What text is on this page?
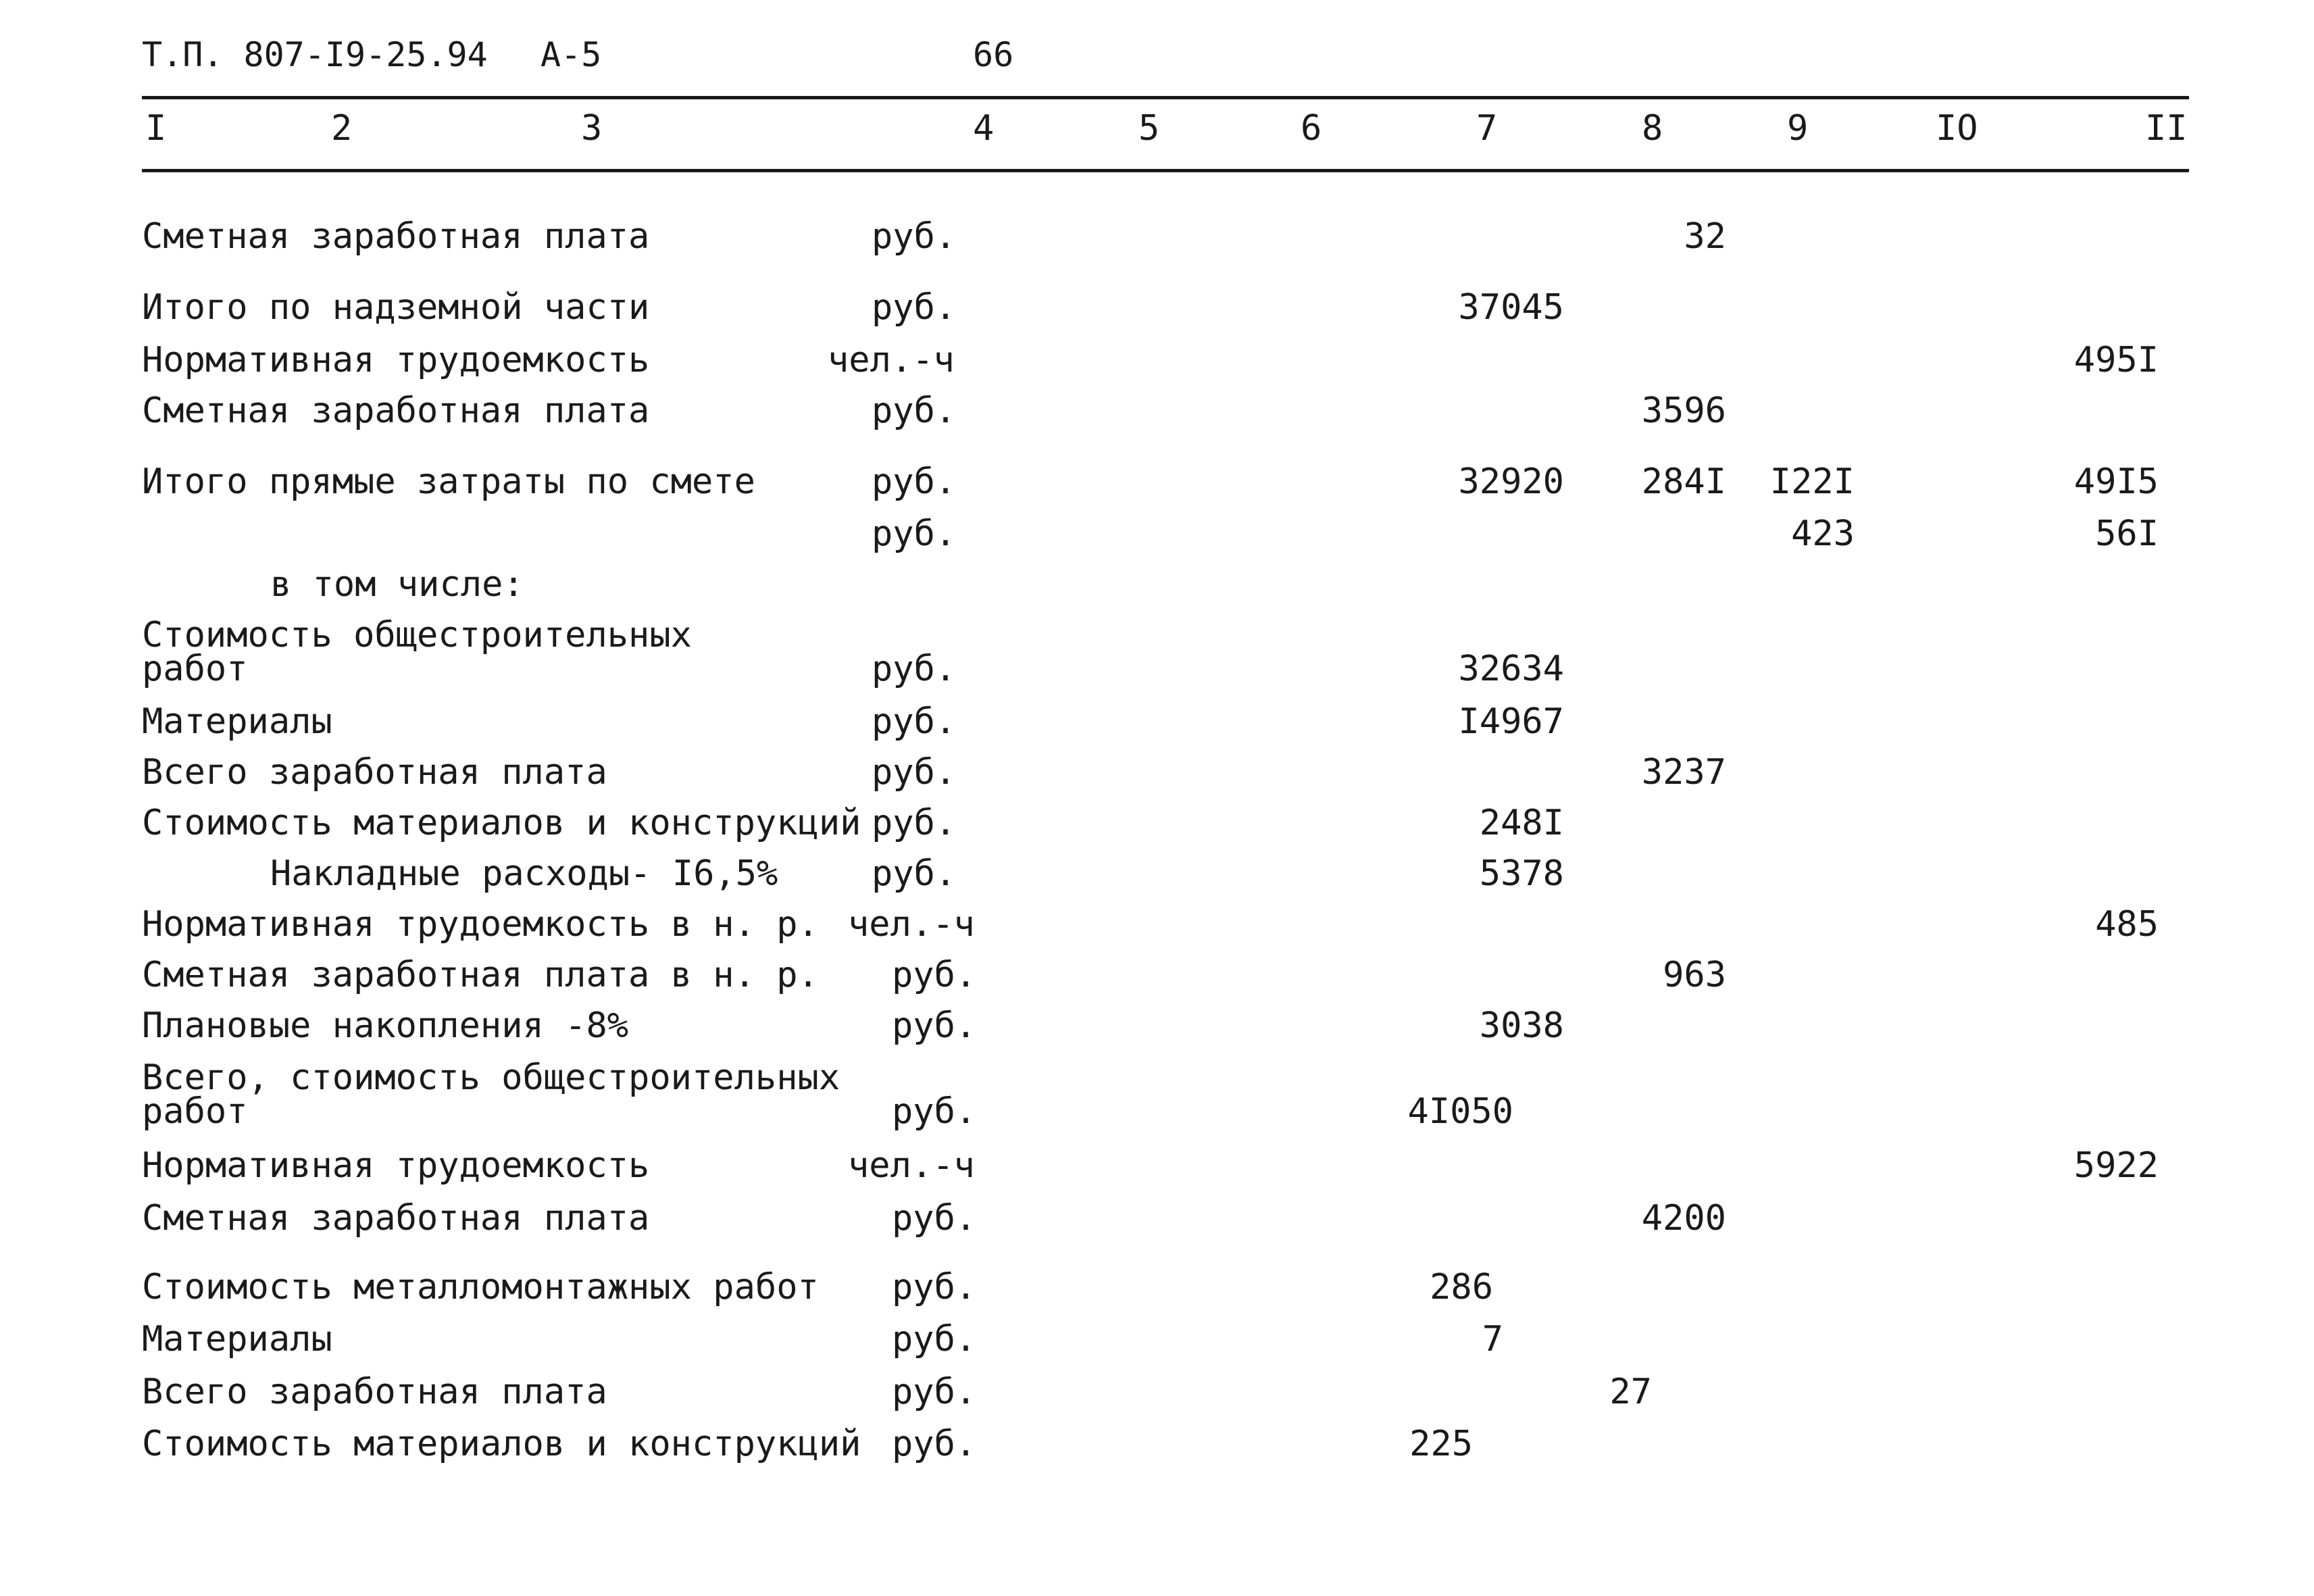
Т.П. 807-I9-25.94 А-5	66
I	2	3	4	5	6	7	8	9	IO	II
Сметная заработная плата	руб.	32
Итого по надземной части	руб.	37045
Нормативная трудоемкость	чел.-ч	495I
Сметная заработная плата	руб.	3596
Итого прямые затраты по смете	руб.	32920 284I I22I	49I5
руб.	423	56I
в том числе:
Стоимость общестроительных
работ	руб.	32634
Материалы	руб.	I4967
Всего заработная плата	руб.	3237
Стоимость материалов и конструкций руб.	248I
Накладные расходы- I6,5%	руб.	5378
Нормативная трудоемкость в н. р. чел.-ч	485
Сметная заработная плата в н. р. руб.	963
Плановые накопления -8%	руб.	3038
Всего, стоимость общестроительных
работ	руб.	4I050
Нормативная трудоемкость	чел.-ч	5922
Сметная заработная плата	руб.	4200
Стоимость металломонтажных работ руб.	286
Материалы	руб.	7
Всего заработная плата	руб.	27
Стоимость материалов и конструкций руб.	225
